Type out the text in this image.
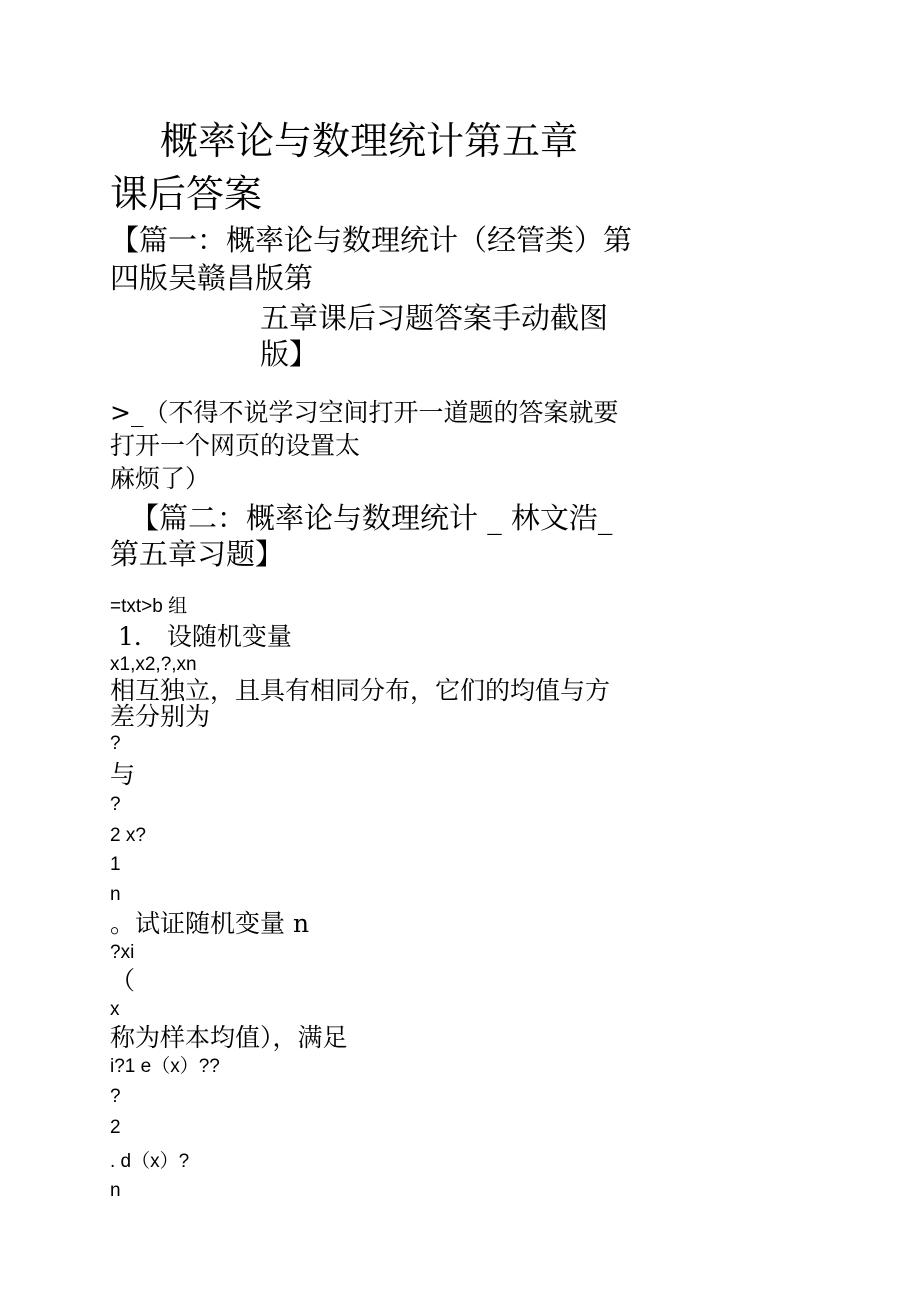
概率论与数理统计第五章
课后答案
【篇一：概率论与数理统计（经管类）第
四版吴赣昌版第
五章课后习题答案手动截图
版】
>_（不得不说学习空间打开一道题的答案就要
打开一个网页的设置太
麻烦了）
【篇二：概率论与数理统计 _ 林文浩_
第五章习题】
=txt>b 组
1． 设随机变量
x1,x2,?,xn
相互独立，且具有相同分布，它们的均值与方
差分别为
?
与
?
2 x?
1
n
。试证随机变量 n
?xi
（
x
称为样本均值），满足
i?1 e（x）??
?
2
. d（x）?
n
